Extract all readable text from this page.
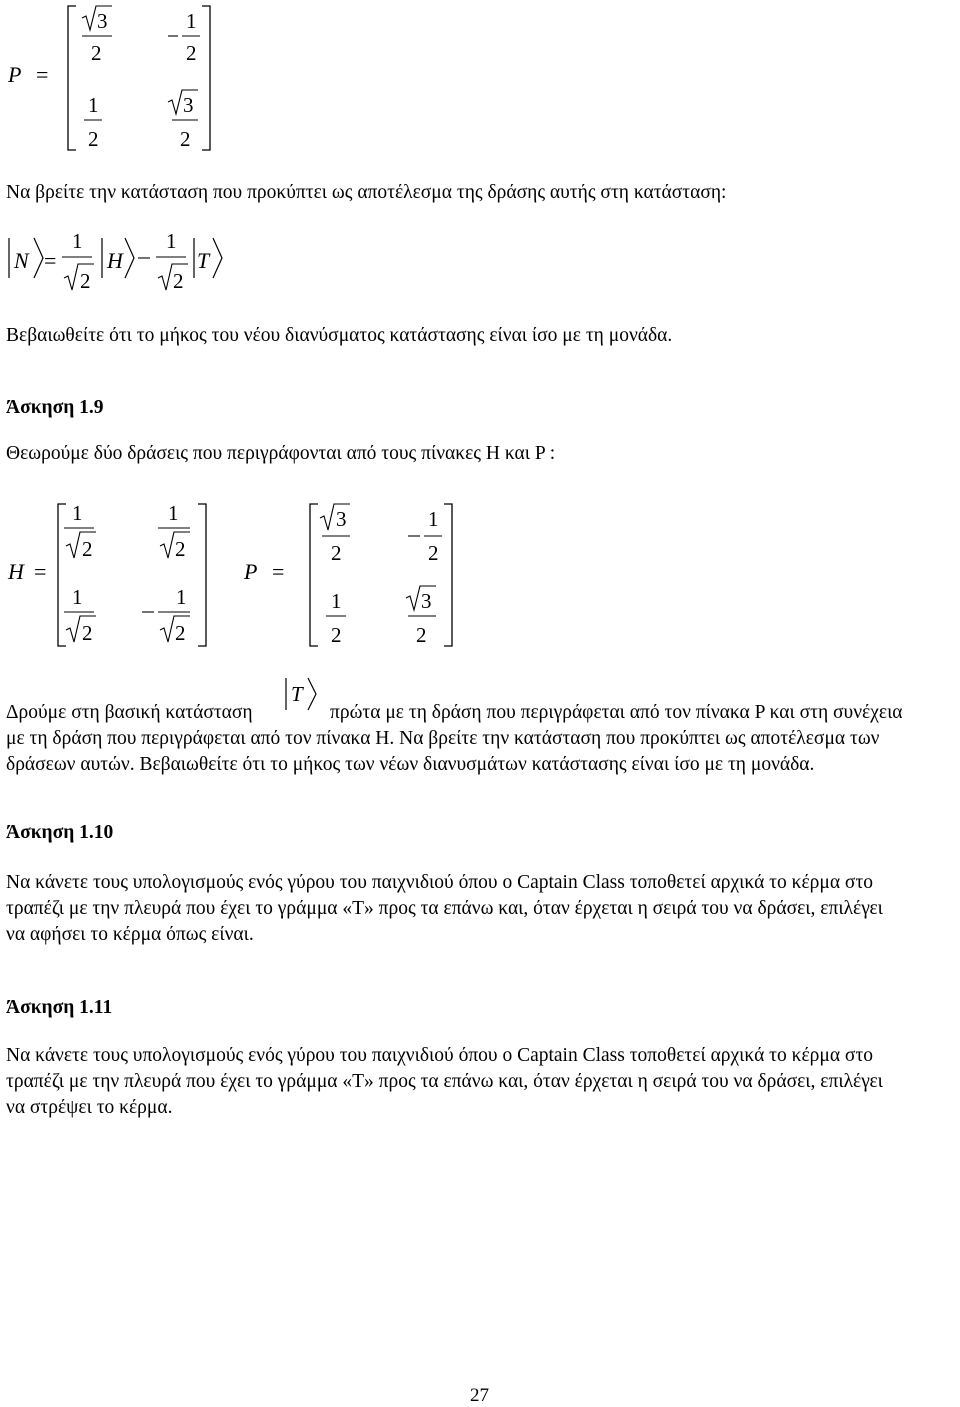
P =
3
2
1
2
1
2
3
2
Να βρείτε την κατάσταση που προκύπτει ως αποτέλεσμα της δράσης αυτής στη κατάσταση:
N =
1
2
H
1
2
T
Βεβαιωθείτε ότι το μήκος του νέου διανύσματος κατάστασης είναι ίσο με τη μονάδα.
Άσκηση 1.9
Θεωρούμε δύο δράσεις που περιγράφονται από τους πίνακες H και P :
H =
1
2
1
2
1
2
1
2
P =
3
2
1
2
1
2
3
2
Δρούμε στη βασική κατάσταση
T
πρώτα με τη δράση που περιγράφεται από τον πίνακα P και στη συνέχεια
με τη δράση που περιγράφεται από τον πίνακα H. Να βρείτε την κατάσταση που προκύπτει ως αποτέλεσμα των
δράσεων αυτών. Βεβαιωθείτε ότι το μήκος των νέων διανυσμάτων κατάστασης είναι ίσο με τη μονάδα.
Άσκηση 1.10
Να κάνετε τους υπολογισμούς ενός γύρου του παιχνιδιού όπου ο Captain Class τοποθετεί αρχικά το κέρμα στο
τραπέζι με την πλευρά που έχει το γράμμα «Τ» προς τα επάνω και, όταν έρχεται η σειρά του να δράσει, επιλέγει
να αφήσει το κέρμα όπως είναι.
Άσκηση 1.11
Να κάνετε τους υπολογισμούς ενός γύρου του παιχνιδιού όπου ο Captain Class τοποθετεί αρχικά το κέρμα στο
τραπέζι με την πλευρά που έχει το γράμμα «Τ» προς τα επάνω και, όταν έρχεται η σειρά του να δράσει, επιλέγει
να στρέψει το κέρμα.
27
